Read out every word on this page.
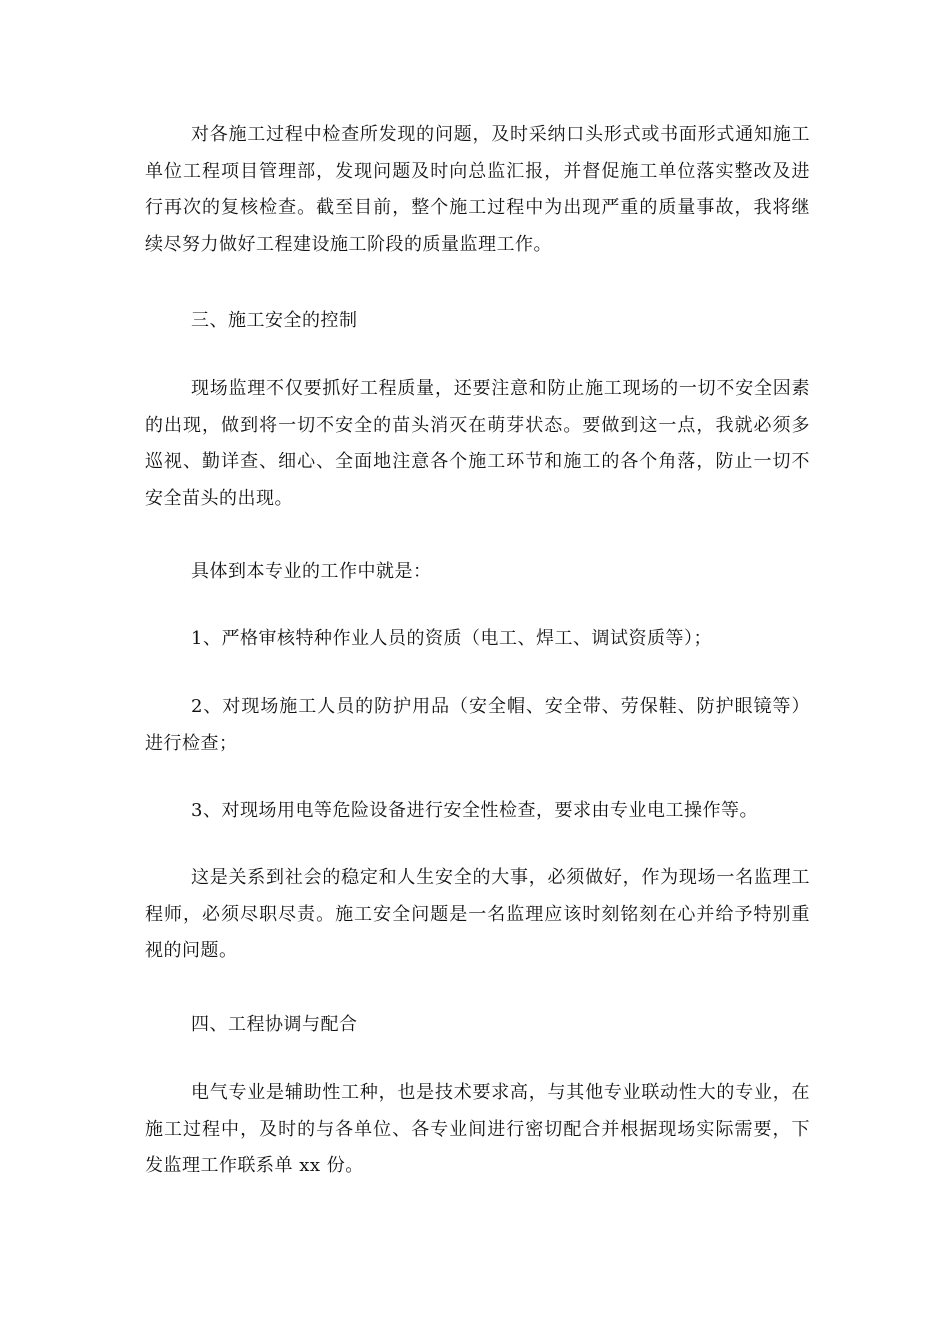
对各施工过程中检查所发现的问题，及时采纳口头形式或书面形式通知施工单位工程项目管理部，发现问题及时向总监汇报，并督促施工单位落实整改及进行再次的复核检查。截至目前，整个施工过程中为出现严重的质量事故，我将继续尽努力做好工程建设施工阶段的质量监理工作。

三、施工安全的控制

现场监理不仅要抓好工程质量，还要注意和防止施工现场的一切不安全因素的出现，做到将一切不安全的苗头消灭在萌芽状态。要做到这一点，我就必须多巡视、勤详查、细心、全面地注意各个施工环节和施工的各个角落，防止一切不安全苗头的出现。

具体到本专业的工作中就是：

1、严格审核特种作业人员的资质（电工、焊工、调试资质等）；

2、对现场施工人员的防护用品（安全帽、安全带、劳保鞋、防护眼镜等）进行检查；

3、对现场用电等危险设备进行安全性检查，要求由专业电工操作等。

这是关系到社会的稳定和人生安全的大事，必须做好，作为现场一名监理工程师，必须尽职尽责。施工安全问题是一名监理应该时刻铭刻在心并给予特别重视的问题。

四、工程协调与配合

电气专业是辅助性工种，也是技术要求高，与其他专业联动性大的专业，在施工过程中，及时的与各单位、各专业间进行密切配合并根据现场实际需要，下发监理工作联系单 xx 份。
